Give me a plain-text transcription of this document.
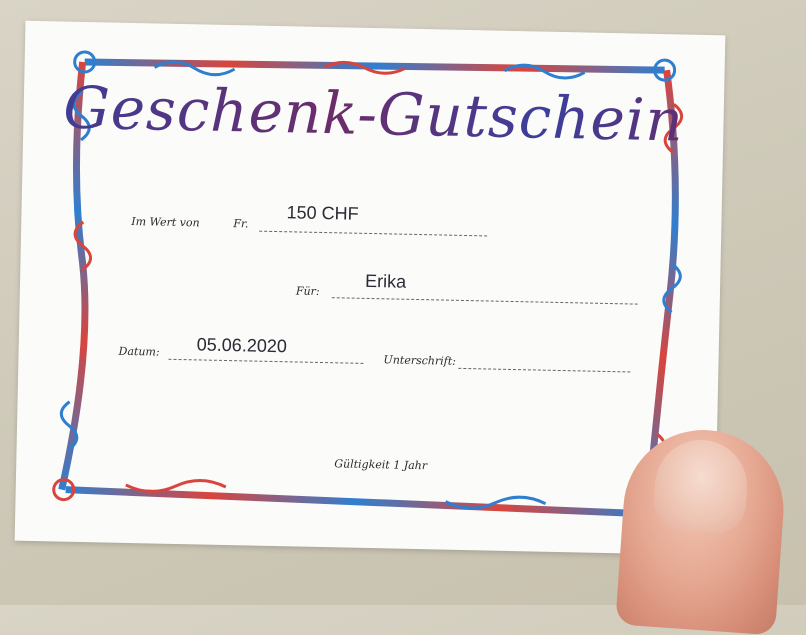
Geschenk-Gutschein
Im Wert von	Fr.
150 CHF
Für:	Erika
Datum: 05.06.2020
Unterschrift:
Gültigkeit 1 Jahr
